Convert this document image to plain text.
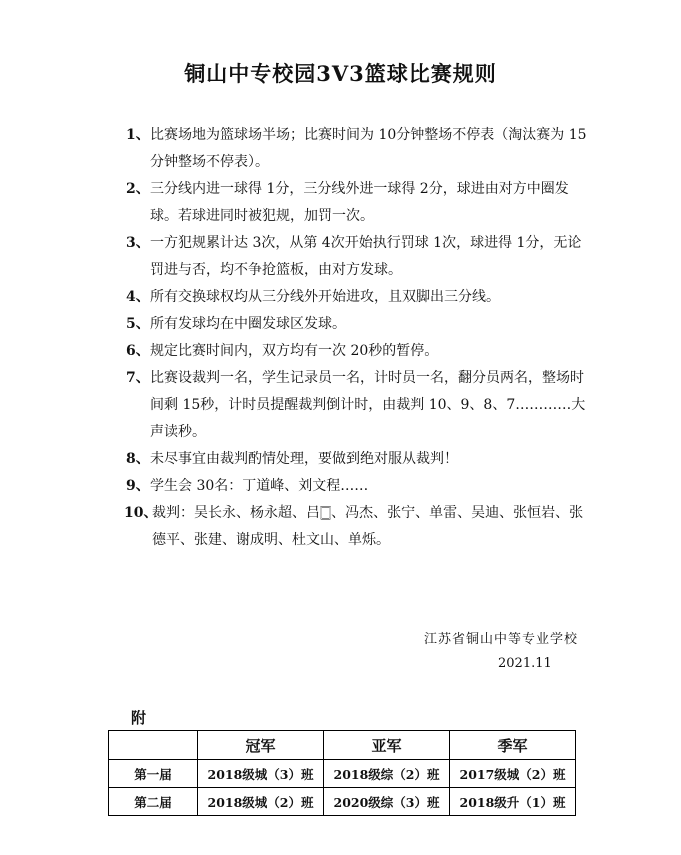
铜山中专校园3V3篮球比赛规则
1、 比赛场地为篮球场半场；比赛时间为 10分钟整场不停表（淘汰赛为 15分钟整场不停表）。
2、 三分线内进一球得 1分，三分线外进一球得 2分，球进由对方中圈发球。若球进同时被犯规，加罚一次。
3、 一方犯规累计达 3次，从第 4次开始执行罚球 1次，球进得 1分，无论罚进与否，均不争抢篮板，由对方发球。
4、 所有交换球权均从三分线外开始进攻，且双脚出三分线。
5、 所有发球均在中圈发球区发球。
6、 规定比赛时间内，双方均有一次 20秒的暂停。
7、 比赛设裁判一名，学生记录员一名，计时员一名，翻分员两名，整场时间剩 15秒，计时员提醒裁判倒计时，由裁判 10、9、8、7…………大声读秒。
8、 未尽事宜由裁判酌情处理，要做到绝对服从裁判！
9、 学生会 30名：丁道峰、刘文程……
10、
裁判：吴长永、杨永超、吕🀆、冯杰、张宁、单雷、吴迪、张恒岩、张德平、张建、谢成明、杜文山、单烁。
江苏省铜山中等专业学校
2021.11
附
	冠军	亚军	季军
第一届	2018级城（3）班	2018级综（2）班	2017级城（2）班
第二届	2018级城（2）班	2020级综（3）班	2018级升（1）班
